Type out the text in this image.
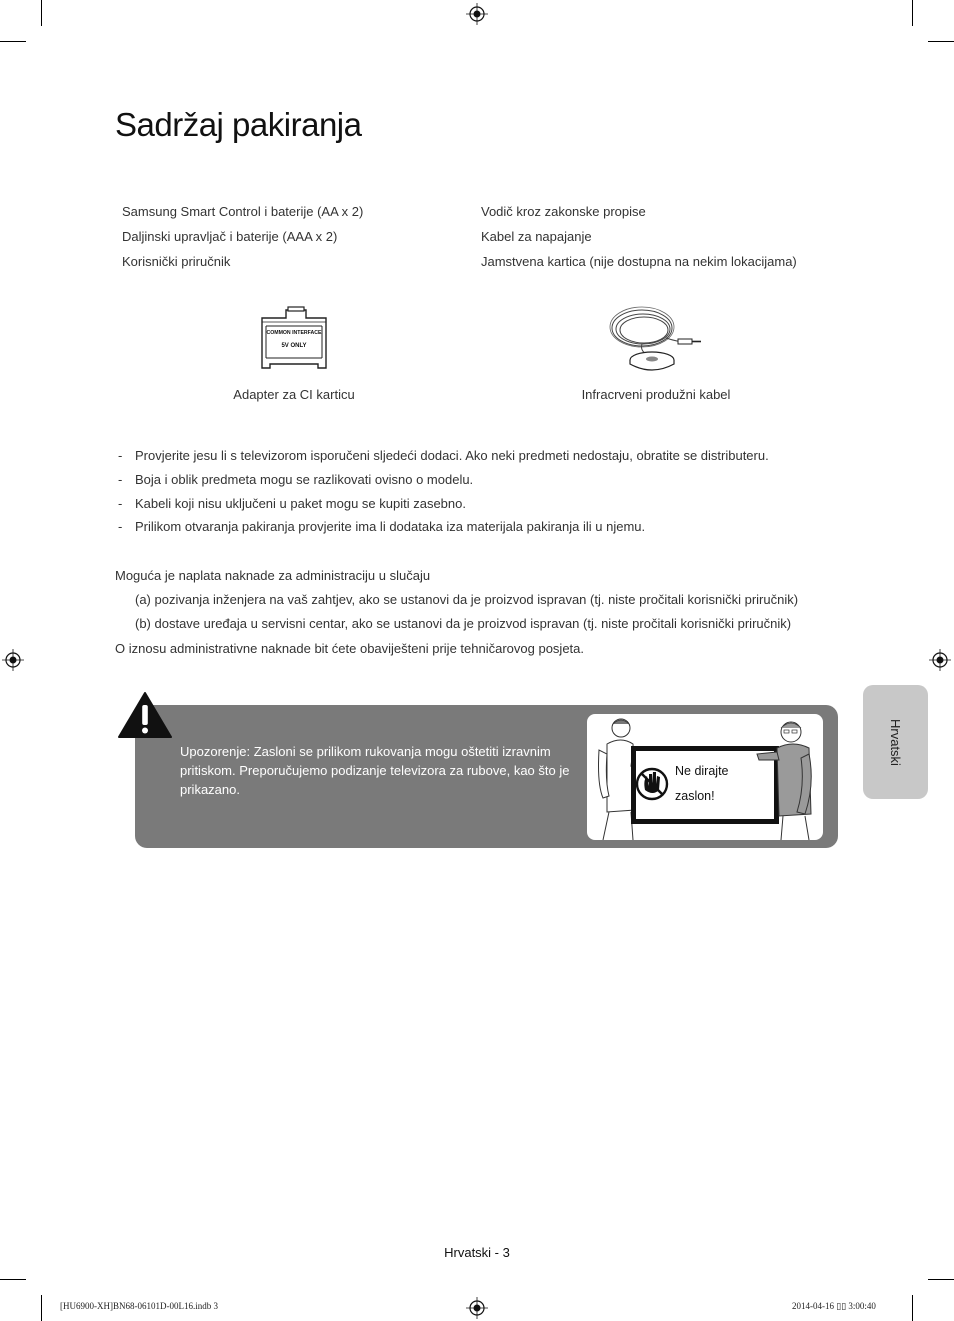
Sadržaj pakiranja
Samsung Smart Control i baterije (AA x 2)
Daljinski upravljač i baterije (AAA x 2)
Korisnički priručnik
Vodič kroz zakonske propise
Kabel za napajanje
Jamstvena kartica (nije dostupna na nekim lokacijama)
COMMON INTERFACE
5V ONLY
Adapter za CI karticu	Infracrveni produžni kabel
- Provjerite jesu li s televizorom isporučeni sljedeći dodaci. Ako neki predmeti nedostaju, obratite se distributeru.
- Boja i oblik predmeta mogu se razlikovati ovisno o modelu.
- Kabeli koji nisu uključeni u paket mogu se kupiti zasebno.
- Prilikom otvaranja pakiranja provjerite ima li dodataka iza materijala pakiranja ili u njemu.
Moguća je naplata naknade za administraciju u slučaju
(a) pozivanja inženjera na vaš zahtjev, ako se ustanovi da je proizvod ispravan (tj. niste pročitali korisnički priručnik)
(b) dostave uređaja u servisni centar, ako se ustanovi da je proizvod ispravan (tj. niste pročitali korisnički priručnik)
O iznosu administrativne naknade bit ćete obaviješteni prije tehničarovog posjeta.
Upozorenje: Zasloni se prilikom rukovanja mogu oštetiti izravnim pritiskom. Preporučujemo podizanje televizora za rubove, kao što je prikazano.
Ne dirajte
zaslon!
Hrvatski
Hrvatski - 3
[HU6900-XH]BN68-06101D-00L16.indb 3	2014-04-16 ▯▯ 3:00:40
